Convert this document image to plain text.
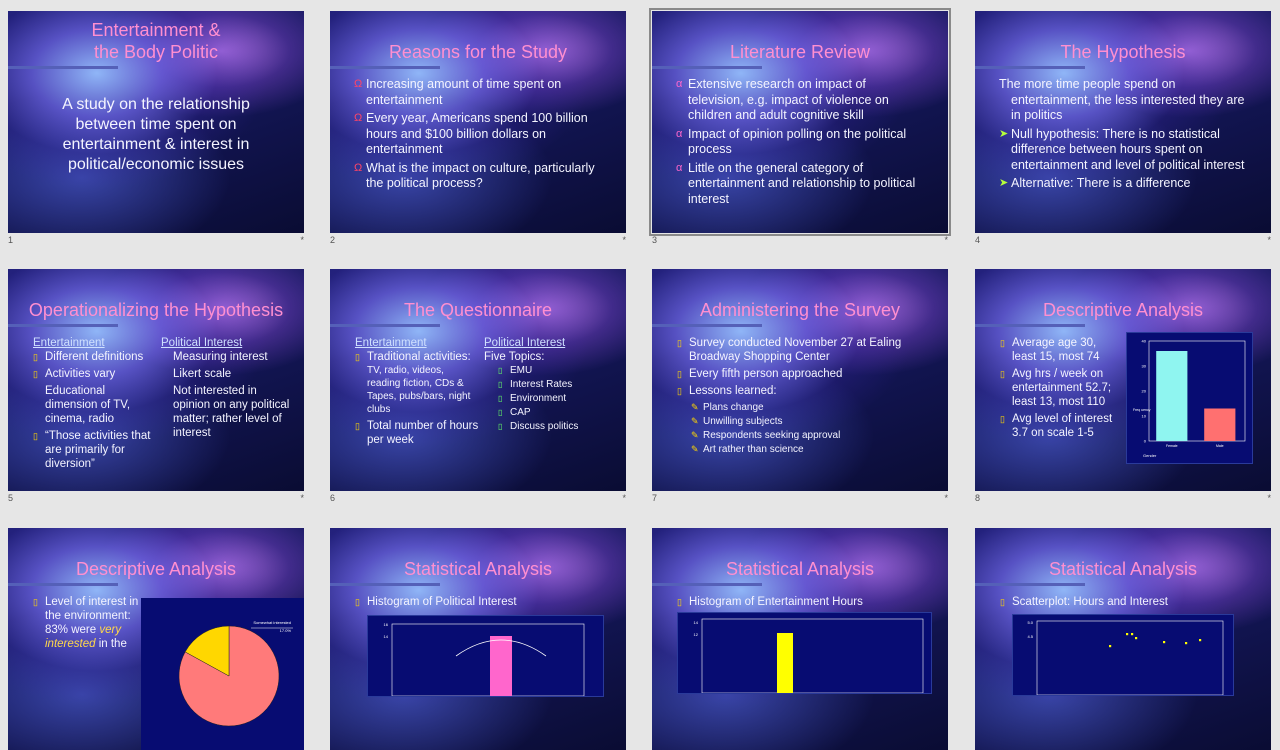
Entertainment &
the Body Politic
A study on the relationship between time spent on entertainment & interest in political/economic issues
1	*
Reasons for the Study
Ω Increasing amount of time spent on entertainment
Ω Every year, Americans spend 100 billion hours and $100 billion dollars on entertainment
Ω What is the impact on culture, particularly the political process?
2	*
Literature Review
α Extensive research on impact of television, e.g. impact of violence on children and adult cognitive skill
α Impact of opinion polling on the political process
α Little on the general category of entertainment and relationship to political interest
3	*
The Hypothesis
The more time people spend on entertainment, the less interested they are in politics
➤ Null hypothesis: There is no statistical difference between hours spent on entertainment and level of political interest
➤ Alternative: There is a difference
4	*
Operationalizing the Hypothesis
Entertainment
▯ Different definitions
▯ Activities vary
Educational dimension of TV, cinema, radio
▯ “Those activities that are primarily for diversion”
Political Interest
Measuring interest
Likert scale
Not interested in opinion on any political matter; rather level of interest
5	*
The Questionnaire
Entertainment
▯ Traditional activities:
TV, radio, videos, reading fiction, CDs & Tapes, pubs/bars, night clubs
▯ Total number of hours per week
Political Interest
Five Topics:
▯ EMU
▯ Interest Rates
▯ Environment
▯ CAP
▯ Discuss politics
6	*
Administering the Survey
▯ Survey conducted November 27 at Ealing Broadway Shopping Center
▯ Every fifth person approached
▯ Lessons learned:
✎ Plans change
✎ Unwilling subjects
✎ Respondents seeking approval
✎ Art rather than science
7	*
Descriptive Analysis
▯ Average age 30, least 15, most 74
▯ Avg hrs / week on entertainment 52.7; least 13, most 110
▯ Avg level of interest 3.7 on scale 1-5
40
30
20
10
0
Female	Male
Freq uency
Gender
8	*
Descriptive Analysis
▯ Level of interest in the environment:
83% were very interested in the
Somewhat interested
17.0%
Statistical Analysis
▯ Histogram of Political Interest
16
14
Statistical Analysis
▯ Histogram of Entertainment Hours
14
12
Statistical Analysis
▯ Scatterplot: Hours and Interest
5.0
4.5
